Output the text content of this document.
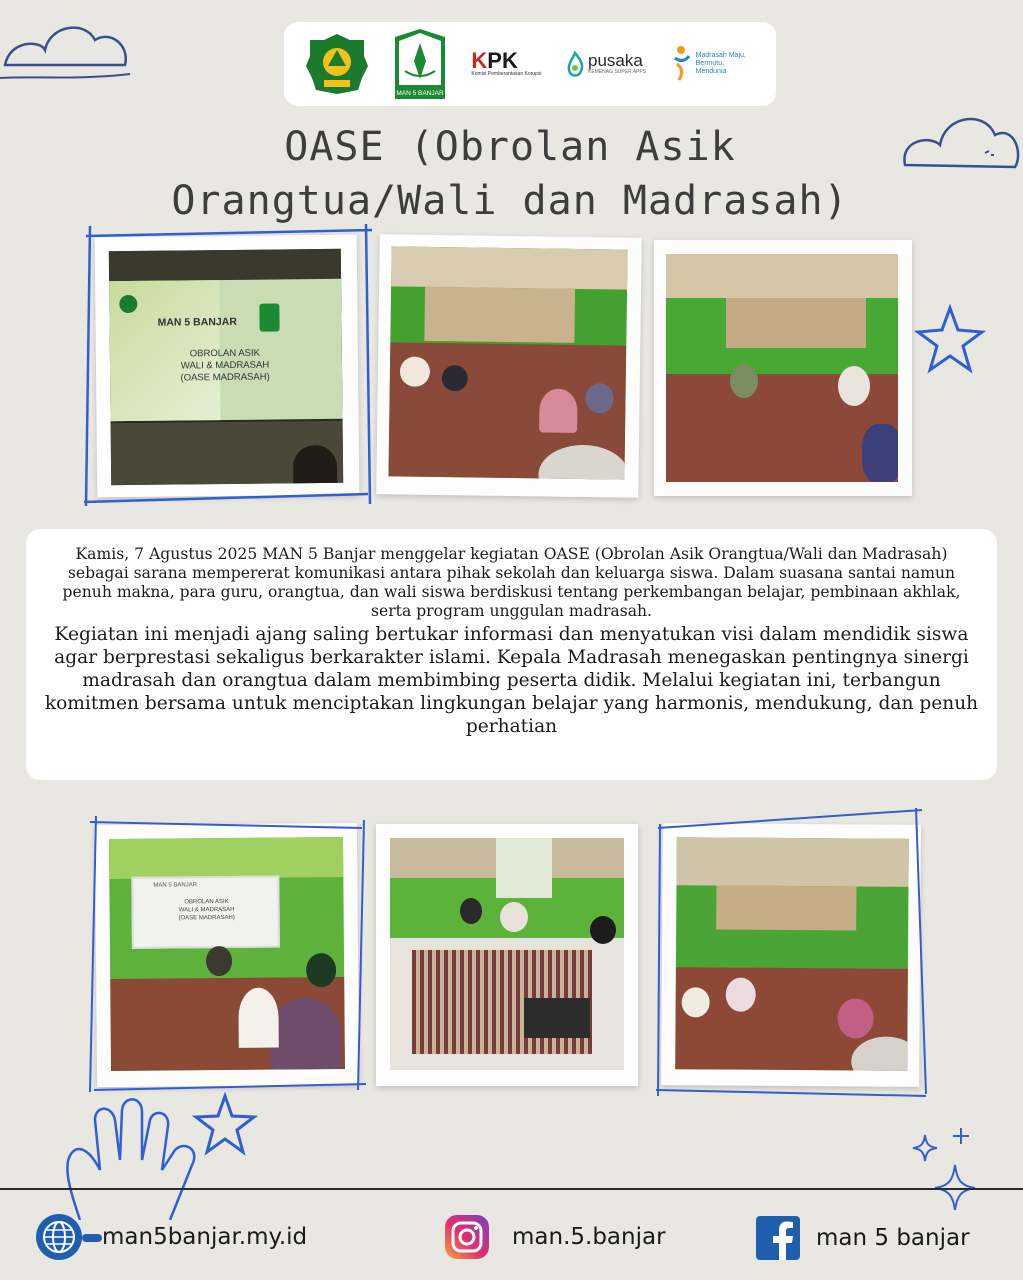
MAN 5 BANJAR
KPK
Komisi Pemberantasan Korupsi
pusaka
KEMENAG SUPER APPS
Madrasah Maju, Bermutu, Mendunia
OASE (Obrolan Asik
Orangtua/Wali dan Madrasah)
MAN 5 BANJAR
OBROLAN ASIK
WALI & MADRASAH
(OASE MADRASAH)

Kamis, 7 Agustus 2025 MAN 5 Banjar menggelar kegiatan OASE (Obrolan Asik Orangtua/Wali dan Madrasah) sebagai sarana mempererat komunikasi antara pihak sekolah dan keluarga siswa. Dalam suasana santai namun penuh makna, para guru, orangtua, dan wali siswa berdiskusi tentang perkembangan belajar, pembinaan akhlak, serta program unggulan madrasah.

Kegiatan ini menjadi ajang saling bertukar informasi dan menyatukan visi dalam mendidik siswa agar berprestasi sekaligus berkarakter islami. Kepala Madrasah menegaskan pentingnya sinergi madrasah dan orangtua dalam membimbing peserta didik. Melalui kegiatan ini, terbangun komitmen bersama untuk menciptakan lingkungan belajar yang harmonis, mendukung, dan penuh perhatian

MAN 5 BANJAR
OBROLAN ASIK
WALI & MADRASAH
(OASE MADRASAH)
man5banjar.my.id	man.5.banjar	man 5 banjar
